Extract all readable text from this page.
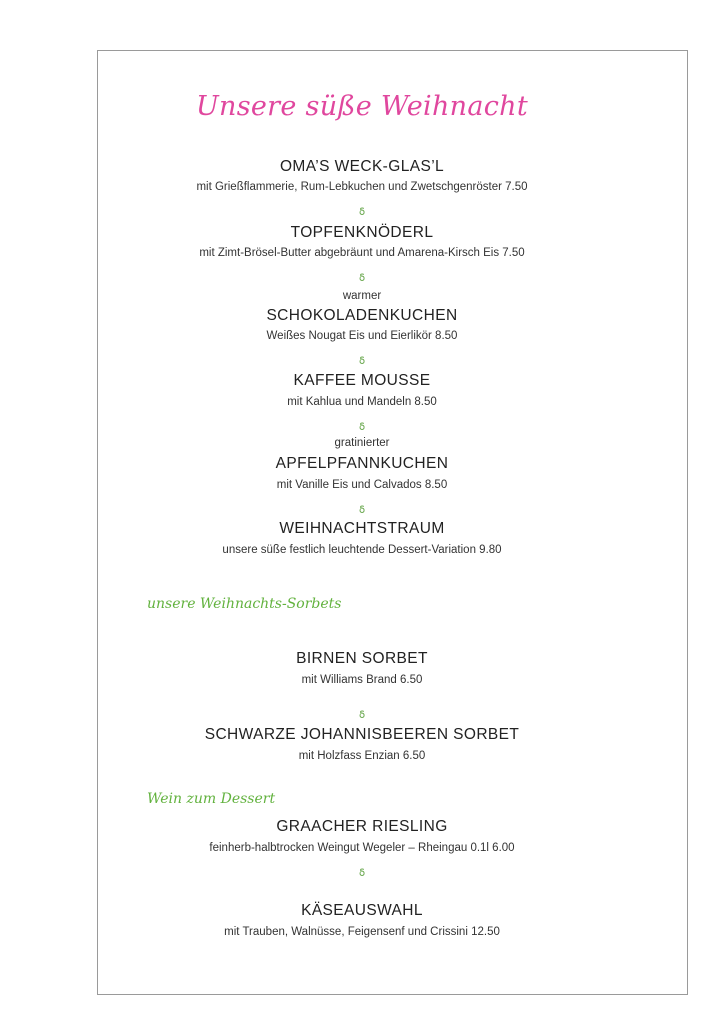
Unsere süße Weihnacht
OMA’S WECK-GLAS’L
mit Grießflammerie, Rum-Lebkuchen und Zwetschgenröster 7.50
ẟ
TOPFENKNÖDERL
mit Zimt-Brösel-Butter abgebräunt und Amarena-Kirsch Eis 7.50
ẟ
warmer
SCHOKOLADENKUCHEN
Weißes Nougat Eis und Eierlikör 8.50
ẟ
KAFFEE MOUSSE
mit Kahlua und Mandeln 8.50
ẟ
gratinierter
APFELPFANNKUCHEN
mit Vanille Eis und Calvados 8.50
ẟ
WEIHNACHTSTRAUM
unsere süße festlich leuchtende Dessert-Variation 9.80
unsere Weihnachts-Sorbets
BIRNEN SORBET
mit Williams Brand 6.50
ẟ
SCHWARZE JOHANNISBEEREN SORBET
mit Holzfass Enzian 6.50
Wein zum Dessert
GRAACHER RIESLING
feinherb-halbtrocken Weingut Wegeler – Rheingau 0.1l 6.00
ẟ
KÄSEAUSWAHL
mit Trauben, Walnüsse, Feigensenf und Crissini 12.50
